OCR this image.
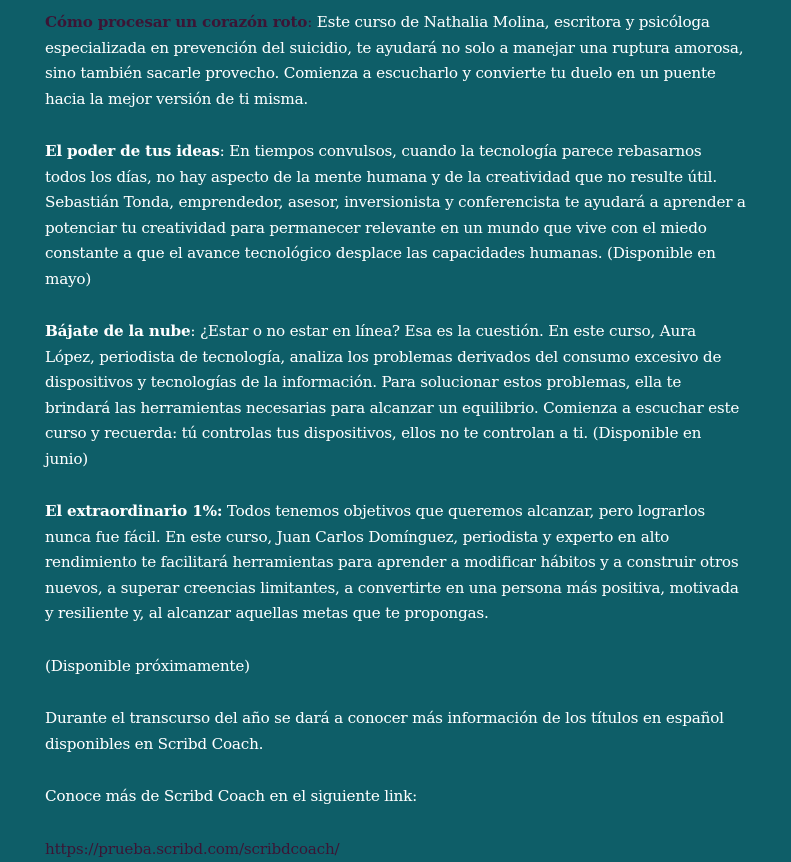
Cómo procesar un corazón roto: Este curso de Nathalia Molina, escritora y psicóloga especializada en prevención del suicidio, te ayudará no solo a manejar una ruptura amorosa, sino también sacarle provecho. Comienza a escucharlo y convierte tu duelo en un puente hacia la mejor versión de ti misma.

El poder de tus ideas: En tiempos convulsos, cuando la tecnología parece rebasarnos todos los días, no hay aspecto de la mente humana y de la creatividad que no resulte útil. Sebastián Tonda, emprendedor, asesor, inversionista y conferencista te ayudará a aprender a potenciar tu creatividad para permanecer relevante en un mundo que vive con el miedo constante a que el avance tecnológico desplace las capacidades humanas. (Disponible en mayo)

Bájate de la nube: ¿Estar o no estar en línea? Esa es la cuestión. En este curso, Aura López, periodista de tecnología, analiza los problemas derivados del consumo excesivo de dispositivos y tecnologías de la información. Para solucionar estos problemas, ella te brindará las herramientas necesarias para alcanzar un equilibrio. Comienza a escuchar este curso y recuerda: tú controlas tus dispositivos, ellos no te controlan a ti. (Disponible en junio)

El extraordinario 1%: Todos tenemos objetivos que queremos alcanzar, pero lograrlos nunca fue fácil. En este curso, Juan Carlos Domínguez, periodista y experto en alto rendimiento te facilitará herramientas para aprender a modificar hábitos y a construir otros nuevos, a superar creencias limitantes, a convertirte en una persona más positiva, motivada y resiliente y, al alcanzar aquellas metas que te propongas.

(Disponible próximamente)

Durante el transcurso del año se dará a conocer más información de los títulos en español disponibles en Scribd Coach.

Conoce más de Scribd Coach en el siguiente link:

https://prueba.scribd.com/scribdcoach/
